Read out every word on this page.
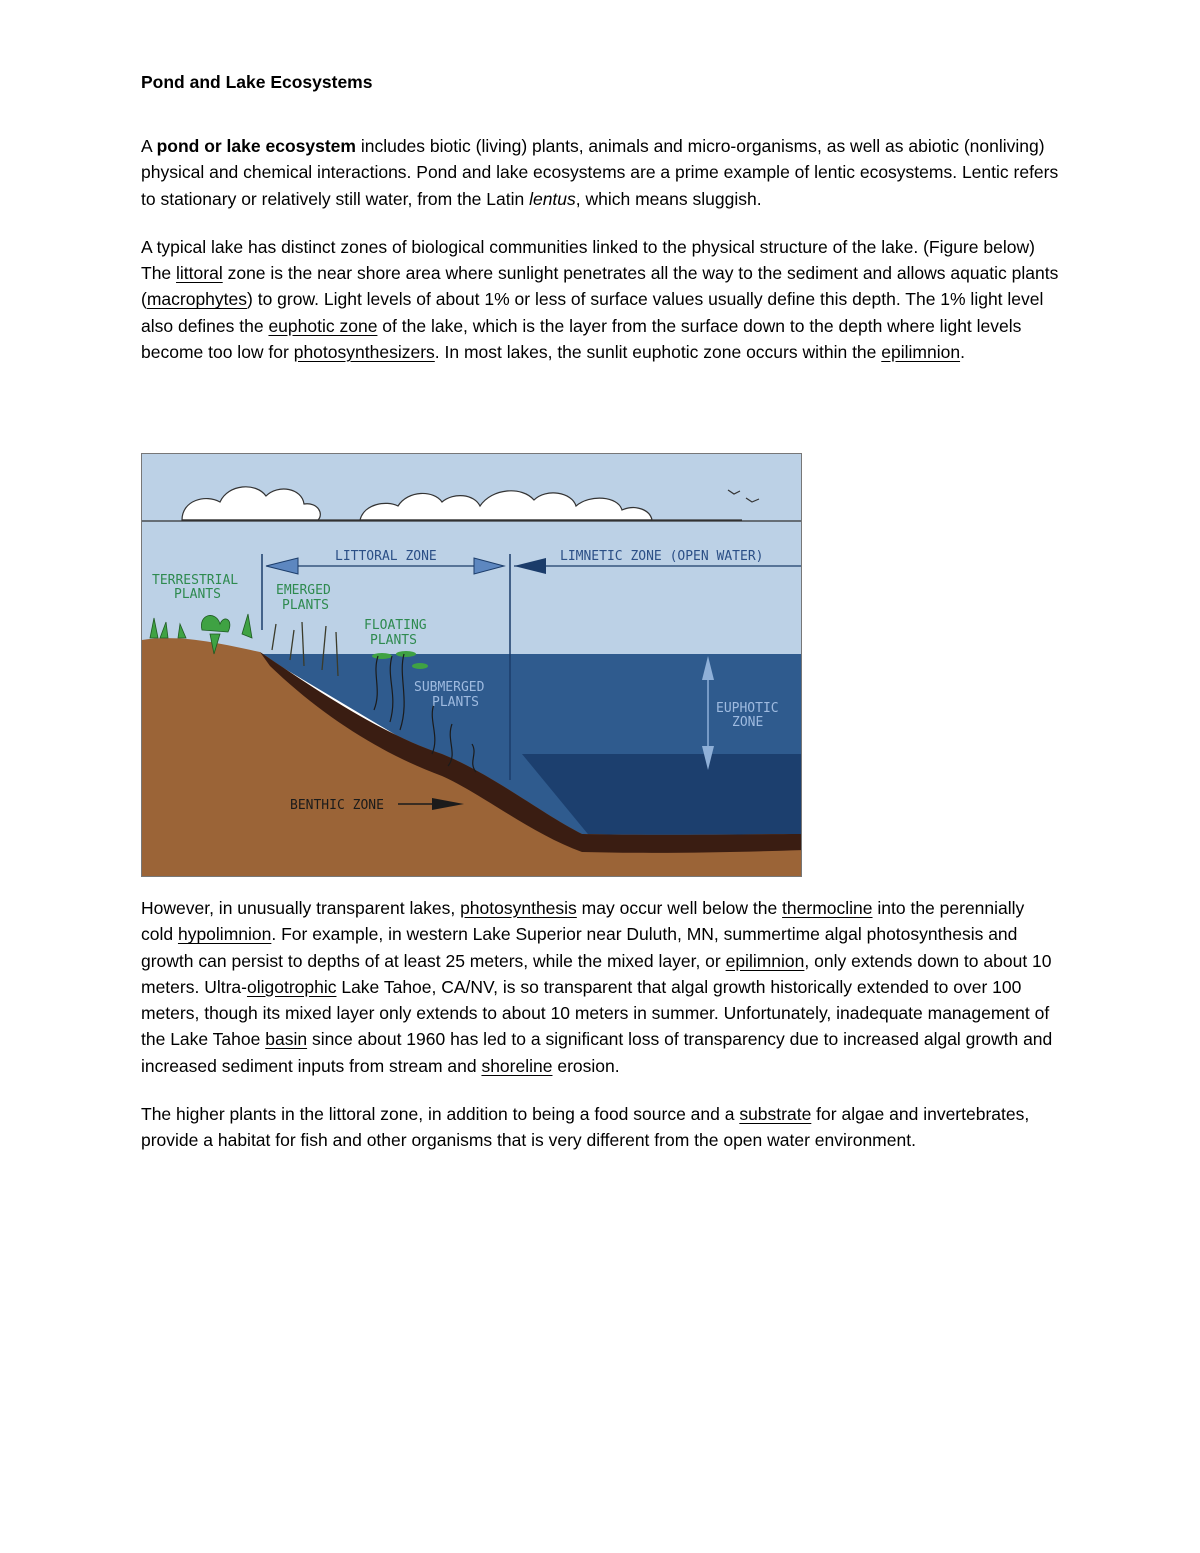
Pond and Lake Ecosystems

A pond or lake ecosystem includes biotic (living) plants, animals and micro-organisms, as well as abiotic (nonliving) physical and chemical interactions. Pond and lake ecosystems are a prime example of lentic ecosystems. Lentic refers to stationary or relatively still water, from the Latin lentus, which means sluggish.

A typical lake has distinct zones of biological communities linked to the physical structure of the lake. (Figure below) The littoral zone is the near shore area where sunlight penetrates all the way to the sediment and allows aquatic plants (macrophytes) to grow. Light levels of about 1% or less of surface values usually define this depth. The 1% light level also defines the euphotic zone of the lake, which is the layer from the surface down to the depth where light levels become too low for photosynthesizers. In most lakes, the sunlit euphotic zone occurs within the epilimnion.

LITTORAL ZONE	LIMNETIC ZONE (OPEN WATER)
TERRESTRIAL
PLANTS	EMERGED
PLANTS
FLOATING
PLANTS
SUBMERGED
PLANTS	EUPHOTIC
ZONE
BENTHIC ZONE

However, in unusually transparent lakes, photosynthesis may occur well below the thermocline into the perennially cold hypolimnion. For example, in western Lake Superior near Duluth, MN, summertime algal photosynthesis and growth can persist to depths of at least 25 meters, while the mixed layer, or epilimnion, only extends down to about 10 meters. Ultra-oligotrophic Lake Tahoe, CA/NV, is so transparent that algal growth historically extended to over 100 meters, though its mixed layer only extends to about 10 meters in summer. Unfortunately, inadequate management of the Lake Tahoe basin since about 1960 has led to a significant loss of transparency due to increased algal growth and increased sediment inputs from stream and shoreline erosion.

The higher plants in the littoral zone, in addition to being a food source and a substrate for algae and invertebrates, provide a habitat for fish and other organisms that is very different from the open water environment.
